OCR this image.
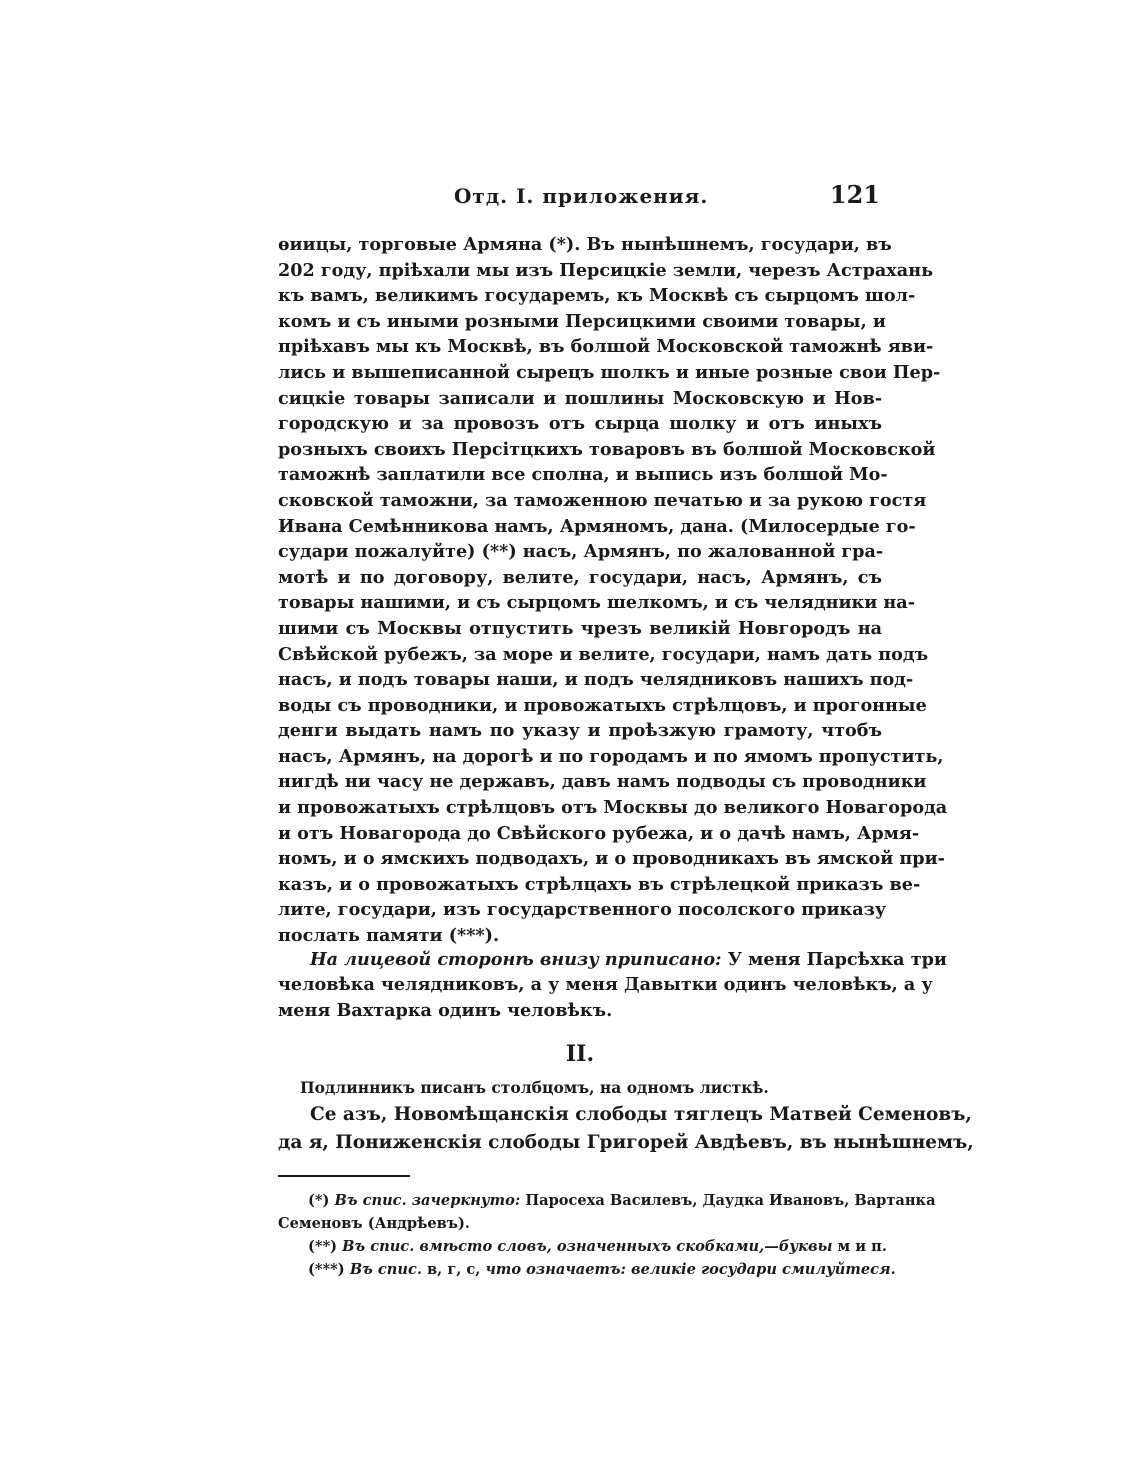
Отд. I. приложения.	121
ѳиицы, торговые Армяна (*). Въ нынѣшнемъ, государи, въ
202 году, пріѣхали мы изъ Персицкіе земли, черезъ Астрахань
къ вамъ, великимъ государемъ, къ Москвѣ съ сырцомъ шол-
комъ и съ иными розными Персицкими своими товары, и
пріѣхавъ мы къ Москвѣ, въ болшой Московской таможнѣ яви-
лись и вышеписанной сырецъ шолкъ и иные розные свои Пер-
сицкіе товары записали и пошлины Московскую и Нов-
городскую и за провозъ отъ сырца шолку и отъ иныхъ
розныхъ своихъ Персітцкихъ товаровъ въ болшой Московской
таможнѣ заплатили все сполна, и выпись изъ болшой Мо-
сковской таможни, за таможенною печатью и за рукою гостя
Ивана Семѣнникова намъ, Армяномъ, дана. (Милосердые го-
судари пожалуйте) (**) насъ, Армянъ, по жалованной гра-
мотѣ и по договору, велите, государи, насъ, Армянъ, съ
товары нашими, и съ сырцомъ шелкомъ, и съ челядники на-
шими съ Москвы отпустить чрезъ великій Новгородъ на
Свѣйской рубежъ, за море и велите, государи, намъ дать подъ
насъ, и подъ товары наши, и подъ челядниковъ нашихъ под-
воды съ проводники, и провожатыхъ стрѣлцовъ, и прогонные
денги выдать намъ по указу и проѣзжую грамоту, чтобъ
насъ, Армянъ, на дорогѣ и по городамъ и по ямомъ пропустить,
нигдѣ ни часу не державъ, давъ намъ подводы съ проводники
и провожатыхъ стрѣлцовъ отъ Москвы до великого Новагорода
и отъ Новагорода до Свѣйского рубежа, и о дачѣ намъ, Армя-
номъ, и о ямскихъ подводахъ, и о проводникахъ въ ямской при-
казъ, и о провожатыхъ стрѣлцахъ въ стрѣлецкой приказъ ве-
лите, государи, изъ государственного посолского приказу
послать памяти (***).
На лицевой сторонѣ внизу приписано: У меня Парсѣхка три
человѣка челядниковъ, а у меня Давытки одинъ человѣкъ, а у
меня Вахтарка одинъ человѣкъ.
II.
Подлинникъ писанъ столбцомъ, на одномъ листкѣ.
Се азъ, Новомѣщанскія слободы тяглецъ Матвей Семеновъ,
да я, Пониженскія слободы Григорей Авдѣевъ, въ нынѣшнемъ,
(*) Въ спис. зачеркнуто: Паросеха Василевъ, Даудка Ивановъ, Вартанка
Семеновъ (Андрѣевъ).
(**) Въ спис. вмѣсто словъ, означенныхъ скобками,—буквы м и п.
(***) Въ спис. в, г, с, что означаетъ: великіе государи смилуйтеся.
